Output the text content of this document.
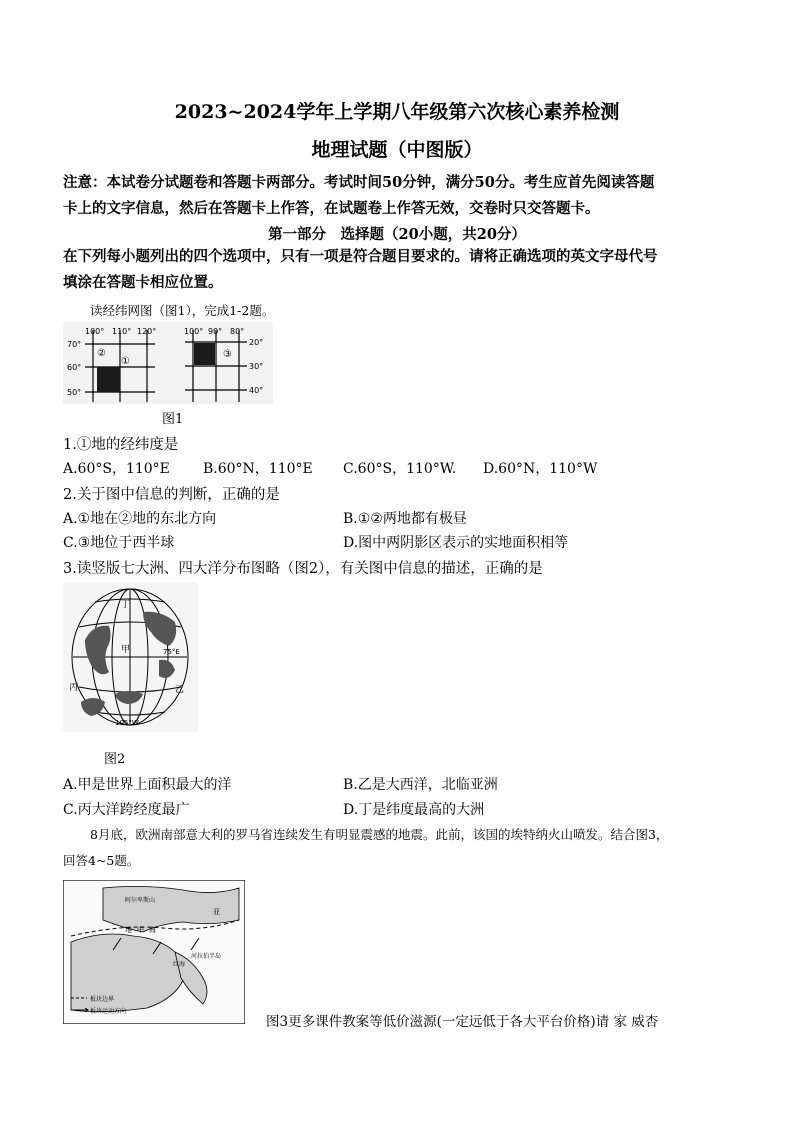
2023~2024学年上学期八年级第六次核心素养检测
地理试题（中图版）
注意：本试卷分试题卷和答题卡两部分。考试时间50分钟，满分50分。考生应首先阅读答题
卡上的文字信息，然后在答题卡上作答，在试题卷上作答无效，交卷时只交答题卡。
第一部分　选择题（20小题，共20分）
在下列每小题列出的四个选项中，只有一项是符合题目要求的。请将正确选项的英文字母代号
填涂在答题卡相应位置。
读经纬网图（图1），完成1-2题。
100° 110° 120°
70°
60°
50°
②
①
100° 90° 80°
20°
30°
40°
③
图1
1.①地的经纬度是
A.60°S，110°E B.60°N，110°E C.60°S，110°W. D.60°N，110°W
2.关于图中信息的判断，正确的是
A.①地在②地的东北方向	B.①②两地都有极昼
C.③地位于西半球	D.图中两阴影区表示的实地面积相等
3.读竖版七大洲、四大洋分布图略（图2），有关图中信息的描述，正确的是
丁
甲
乙
丙
75°E
105°W
图2
A.甲是世界上面积最大的洋	B.乙是大西洋，北临亚洲
C.丙大洋跨经度最广	D.丁是纬度最高的大洲
8月底，欧洲南部意大利的罗马省连续发生有明显震感的地震。此前，该国的埃特纳火山喷发。结合图3，
回答4~5题。
阿尔卑斯山
亚
地 中 海
红海
河拉伯半岛
板块边界
板块运动方向
图3更多课件教案等低价滋源(一定远低于各大平台价格)请 家 威杏
